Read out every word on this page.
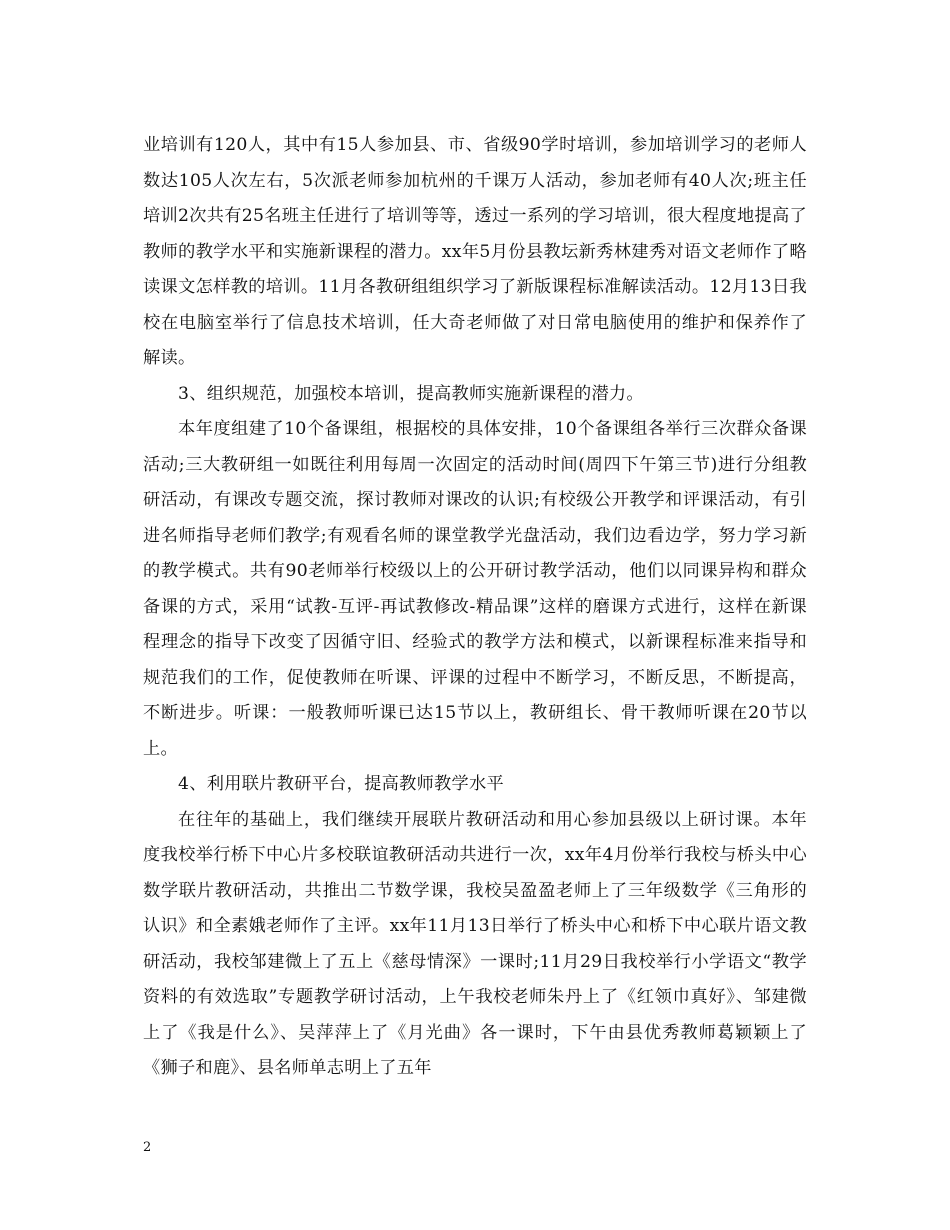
业培训有120人，其中有15人参加县、市、省级90学时培训，参加培训学习的老师人数达105人次左右，5次派老师参加杭州的千课万人活动，参加老师有40人次;班主任培训2次共有25名班主任进行了培训等等，透过一系列的学习培训，很大程度地提高了教师的教学水平和实施新课程的潜力。xx年5月份县教坛新秀林建秀对语文老师作了略读课文怎样教的培训。11月各教研组组织学习了新版课程标准解读活动。12月13日我校在电脑室举行了信息技术培训，任大奇老师做了对日常电脑使用的维护和保养作了解读。

3、组织规范，加强校本培训，提高教师实施新课程的潜力。

本年度组建了10个备课组，根据校的具体安排，10个备课组各举行三次群众备课活动;三大教研组一如既往利用每周一次固定的活动时间(周四下午第三节)进行分组教研活动，有课改专题交流，探讨教师对课改的认识;有校级公开教学和评课活动，有引进名师指导老师们教学;有观看名师的课堂教学光盘活动，我们边看边学，努力学习新的教学模式。共有90老师举行校级以上的公开研讨教学活动，他们以同课异构和群众备课的方式，采用“试教-互评-再试教修改-精品课”这样的磨课方式进行，这样在新课程理念的指导下改变了因循守旧、经验式的教学方法和模式，以新课程标准来指导和规范我们的工作，促使教师在听课、评课的过程中不断学习，不断反思，不断提高，不断进步。听课：一般教师听课已达15节以上，教研组长、骨干教师听课在20节以上。

4、利用联片教研平台，提高教师教学水平

在往年的基础上，我们继续开展联片教研活动和用心参加县级以上研讨课。本年度我校举行桥下中心片多校联谊教研活动共进行一次，xx年4月份举行我校与桥头中心数学联片教研活动，共推出二节数学课，我校吴盈盈老师上了三年级数学《三角形的认识》和全素娥老师作了主评。xx年11月13日举行了桥头中心和桥下中心联片语文教研活动，我校邹建微上了五上《慈母情深》一课时;11月29日我校举行小学语文“教学资料的有效选取”专题教学研讨活动，上午我校老师朱丹上了《红领巾真好》、邹建微上了《我是什么》、吴萍萍上了《月光曲》各一课时，下午由县优秀教师葛颖颖上了《狮子和鹿》、县名师单志明上了五年

2
